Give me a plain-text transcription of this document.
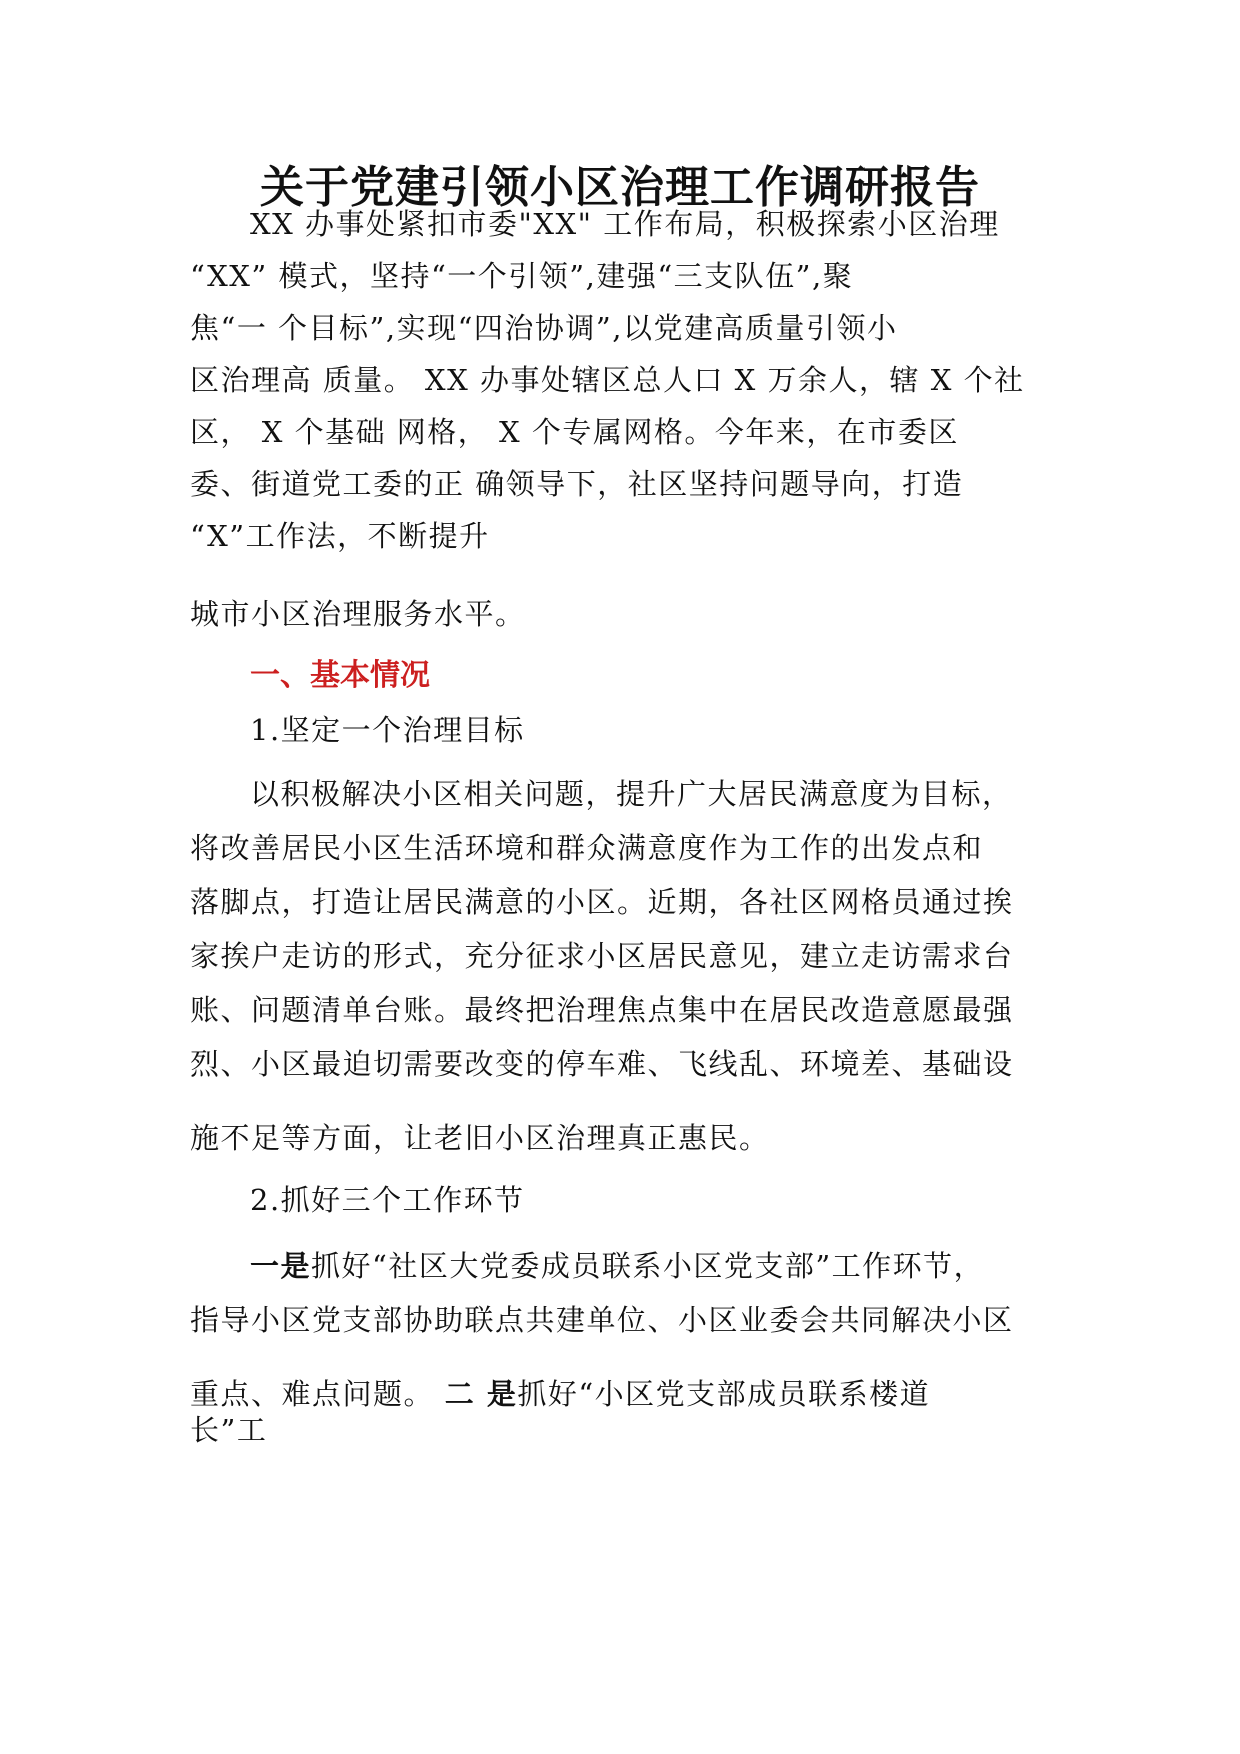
关于党建引领小区治理工作调研报告

XX 办事处紧扣市委"XX" 工作布局，积极探索小区治理

“XX” 模式，坚持“一个引领”,建强“三支队伍”,聚

焦“一 个目标”,实现“四治协调”,以党建高质量引领小

区治理高 质量。 XX 办事处辖区总人口 X 万余人，辖 X 个社

区， X 个基础 网格， X 个专属网格。今年来，在市委区

委、街道党工委的正 确领导下，社区坚持问题导向，打造

“X”工作法，不断提升

城市小区治理服务水平。

一、基本情况

1.坚定一个治理目标

以积极解决小区相关问题，提升广大居民满意度为目标，

将改善居民小区生活环境和群众满意度作为工作的出发点和

落脚点，打造让居民满意的小区。近期，各社区网格员通过挨

家挨户走访的形式，充分征求小区居民意见，建立走访需求台

账、问题清单台账。最终把治理焦点集中在居民改造意愿最强

烈、小区最迫切需要改变的停车难、飞线乱、环境差、基础设

施不足等方面，让老旧小区治理真正惠民。

2.抓好三个工作环节

一是抓好“社区大党委成员联系小区党支部”工作环节，

指导小区党支部协助联点共建单位、小区业委会共同解决小区

重点、难点问题。 二 是抓好“小区党支部成员联系楼道

长”工
